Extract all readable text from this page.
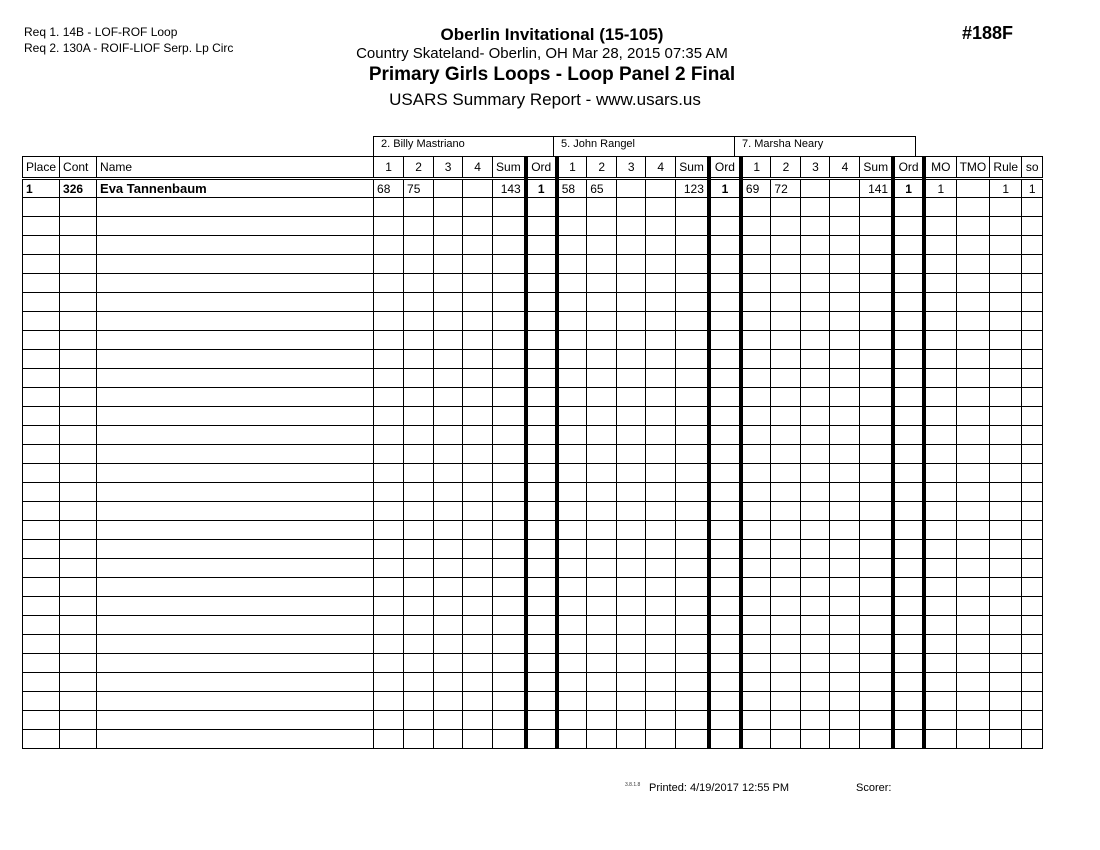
Req 1. 14B - LOF-ROF Loop
Req 2. 130A - ROIF-LIOF Serp. Lp Circ
Oberlin Invitational (15-105)
Country Skateland- Oberlin, OH Mar 28, 2015 07:35 AM
Primary Girls Loops - Loop Panel 2 Final
USARS Summary Report - www.usars.us
#188F
2. Billy Mastriano	5. John Rangel	7. Marsha Neary
Place	Cont	Name	1	2	3	4	Sum	Ord	1	2	3	4	Sum	Ord	1	2	3	4	Sum	Ord	MO	TMO	Rule	so
1	326	Eva Tannenbaum	68	75			143	1	58	65			123	1	69	72			141	1	1		1	1

3.8.1.8 Printed: 4/19/2017 12:55 PM	Scorer:
